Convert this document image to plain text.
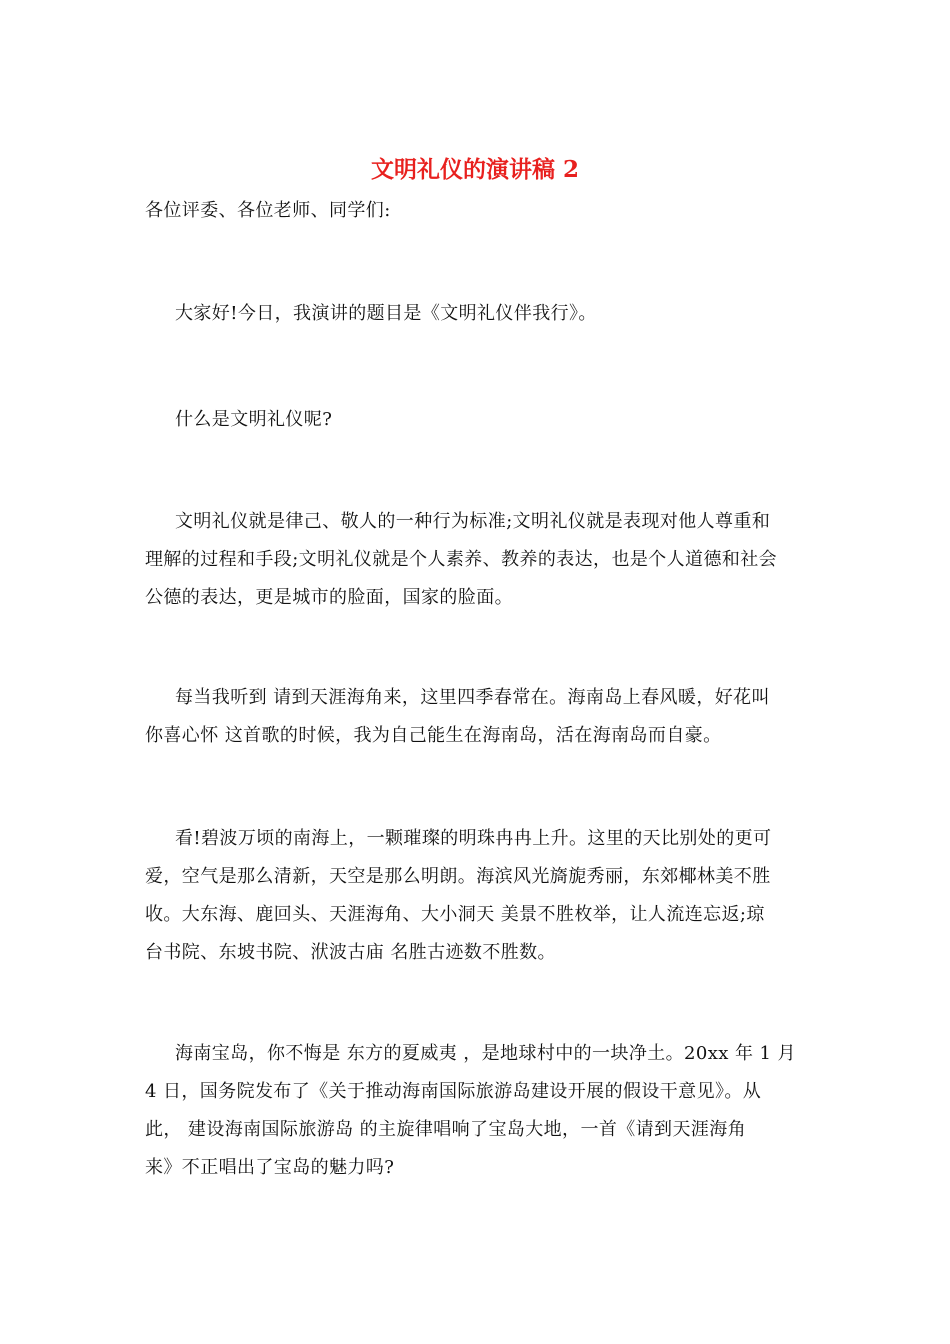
文明礼仪的演讲稿 2

各位评委、各位老师、同学们:

大家好!今日，我演讲的题目是《文明礼仪伴我行》。

什么是文明礼仪呢?

文明礼仪就是律己、敬人的一种行为标准;文明礼仪就是表现对他人尊重和
理解的过程和手段;文明礼仪就是个人素养、教养的表达，也是个人道德和社会
公德的表达，更是城市的脸面，国家的脸面。

每当我听到 请到天涯海角来，这里四季春常在。海南岛上春风暖，好花叫
你喜心怀 这首歌的时候，我为自己能生在海南岛，活在海南岛而自豪。

看!碧波万顷的南海上，一颗璀璨的明珠冉冉上升。这里的天比别处的更可
爱，空气是那么清新，天空是那么明朗。海滨风光旖旎秀丽，东郊椰林美不胜
收。大东海、鹿回头、天涯海角、大小洞天 美景不胜枚举，让人流连忘返;琼
台书院、东坡书院、洑波古庙 名胜古迹数不胜数。

海南宝岛，你不悔是 东方的夏威夷 ，是地球村中的一块净土。20xx 年 1 月
4 日，国务院发布了《关于推动海南国际旅游岛建设开展的假设干意见》。从
此， 建设海南国际旅游岛 的主旋律唱响了宝岛大地，一首《请到天涯海角
来》不正唱出了宝岛的魅力吗?
